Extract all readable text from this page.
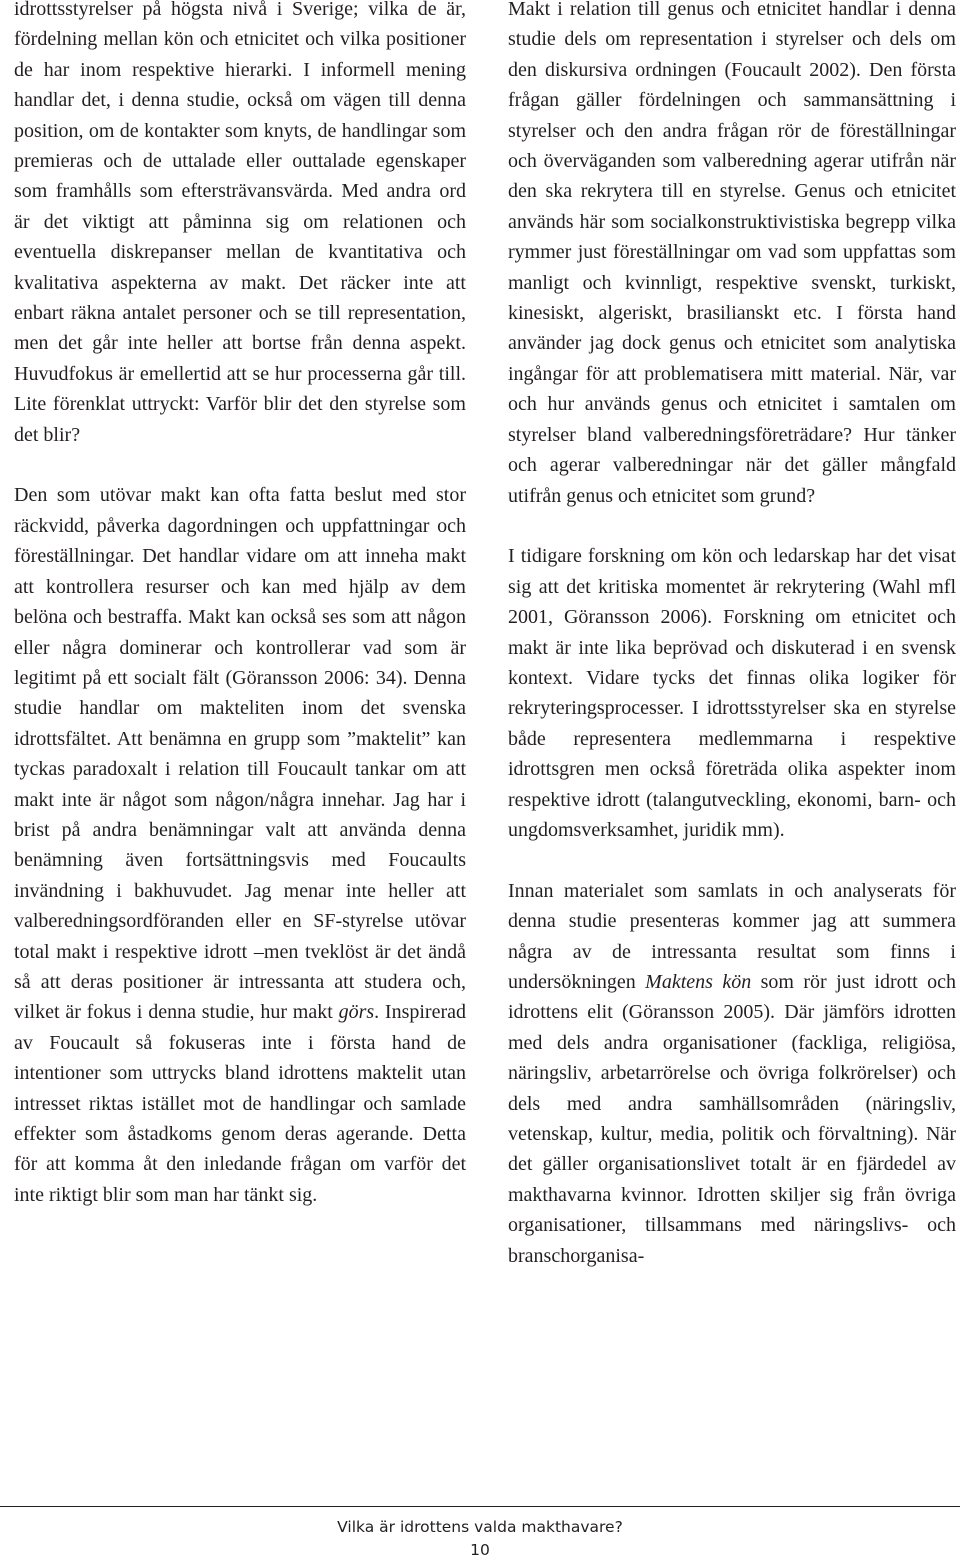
idrottsstyrelser på högsta nivå i Sverige; vilka de är, fördelning mellan kön och etnicitet och vilka positioner de har inom respektive hierarki. I informell mening handlar det, i denna studie, också om vägen till denna position, om de kontakter som knyts, de handlingar som premieras och de uttalade eller outtalade egenskaper som framhålls som eftersträvansvärda. Med andra ord är det viktigt att påminna sig om relationen och eventuella diskrepanser mellan de kvantitativa och kvalitativa aspekterna av makt. Det räcker inte att enbart räkna antalet personer och se till representation, men det går inte heller att bortse från denna aspekt. Huvudfokus är emellertid att se hur processerna går till. Lite förenklat uttryckt: Varför blir det den styrelse som det blir?

Den som utövar makt kan ofta fatta beslut med stor räckvidd, påverka dagordningen och uppfattningar och föreställningar. Det handlar vidare om att inneha makt att kontrollera resurser och kan med hjälp av dem belöna och bestraffa. Makt kan också ses som att någon eller några dominerar och kontrollerar vad som är legitimt på ett socialt fält (Göransson 2006: 34). Denna studie handlar om makteliten inom det svenska idrottsfältet. Att benämna en grupp som ”maktelit” kan tyckas paradoxalt i relation till Foucault tankar om att makt inte är något som någon/några innehar. Jag har i brist på andra benämningar valt att använda denna benämning även fortsättningsvis med Foucaults invändning i bakhuvudet. Jag menar inte heller att valberedningsordföranden eller en SF-styrelse utövar total makt i respektive idrott –men tveklöst är det ändå så att deras positioner är intressanta att studera och, vilket är fokus i denna studie, hur makt görs. Inspirerad av Foucault så fokuseras inte i första hand de intentioner som uttrycks bland idrottens maktelit utan intresset riktas istället mot de handlingar och samlade effekter som åstadkoms genom deras agerande. Detta för att komma åt den inledande frågan om varför det inte riktigt blir som man har tänkt sig.

Makt i relation till genus och etnicitet handlar i denna studie dels om representation i styrelser och dels om den diskursiva ordningen (Foucault 2002). Den första frågan gäller fördelningen och sammansättning i styrelser och den andra frågan rör de föreställningar och överväganden som valberedning agerar utifrån när den ska rekrytera till en styrelse. Genus och etnicitet används här som socialkonstruktivistiska begrepp vilka rymmer just föreställningar om vad som uppfattas som manligt och kvinnligt, respektive svenskt, turkiskt, kinesiskt, algeriskt, brasilianskt etc. I första hand använder jag dock genus och etnicitet som analytiska ingångar för att problematisera mitt material. När, var och hur används genus och etnicitet i samtalen om styrelser bland valberedningsföreträdare? Hur tänker och agerar valberedningar när det gäller mångfald utifrån genus och etnicitet som grund?

I tidigare forskning om kön och ledarskap har det visat sig att det kritiska momentet är rekrytering (Wahl mfl 2001, Göransson 2006). Forskning om etnicitet och makt är inte lika beprövad och diskuterad i en svensk kontext. Vidare tycks det finnas olika logiker för rekryteringsprocesser. I idrottsstyrelser ska en styrelse både representera medlemmarna i respektive idrottsgren men också företräda olika aspekter inom respektive idrott (talangutveckling, ekonomi, barn- och ungdomsverksamhet, juridik mm).

Innan materialet som samlats in och analyserats för denna studie presenteras kommer jag att summera några av de intressanta resultat som finns i undersökningen Maktens kön som rör just idrott och idrottens elit (Göransson 2005). Där jämförs idrotten med dels andra organisationer (fackliga, religiösa, näringsliv, arbetarrörelse och övriga folkrörelser) och dels med andra samhällsområden (näringsliv, vetenskap, kultur, media, politik och förvaltning). När det gäller organisationslivet totalt är en fjärdedel av makthavarna kvinnor. Idrotten skiljer sig från övriga organisationer, tillsammans med näringslivs- och branschorganisa-

Vilka är idrottens valda makthavare?
10
